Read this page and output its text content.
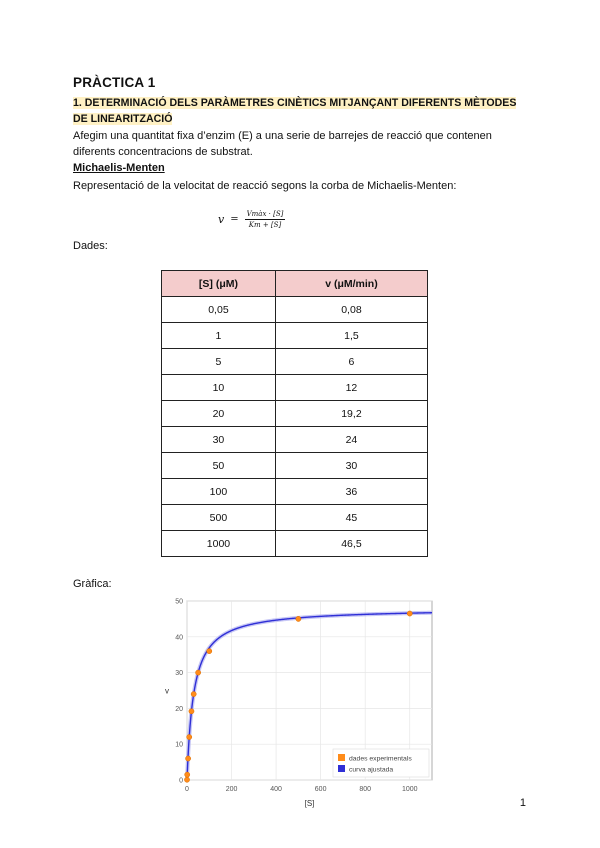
PRÀCTICA 1
1. DETERMINACIÓ DELS PARÀMETRES CINÈTICS MITJANÇANT DIFERENTS MÈTODES DE LINEARITZACIÓ
Afegim una quantitat fixa d’enzim (E) a una serie de barrejes de reacció que contenen diferents concentracions de substrat.
Michaelis-Menten
Representació de la velocitat de reacció segons la corba de Michaelis-Menten:
$v = \frac{\text{Vmàx · [S]}}{Km + [S]}$
Dades:
[S] (μM)	v (μM/min)
0,05	0,08
1	1,5
5	6
10	12
20	19,2
30	24
50	30
100	36
500	45
1000	46,5
Gràfica:
0	200	400	600	800	1000
0
10
20
30
40
50
[S]
v
dades experimentals
curva ajustada
1
